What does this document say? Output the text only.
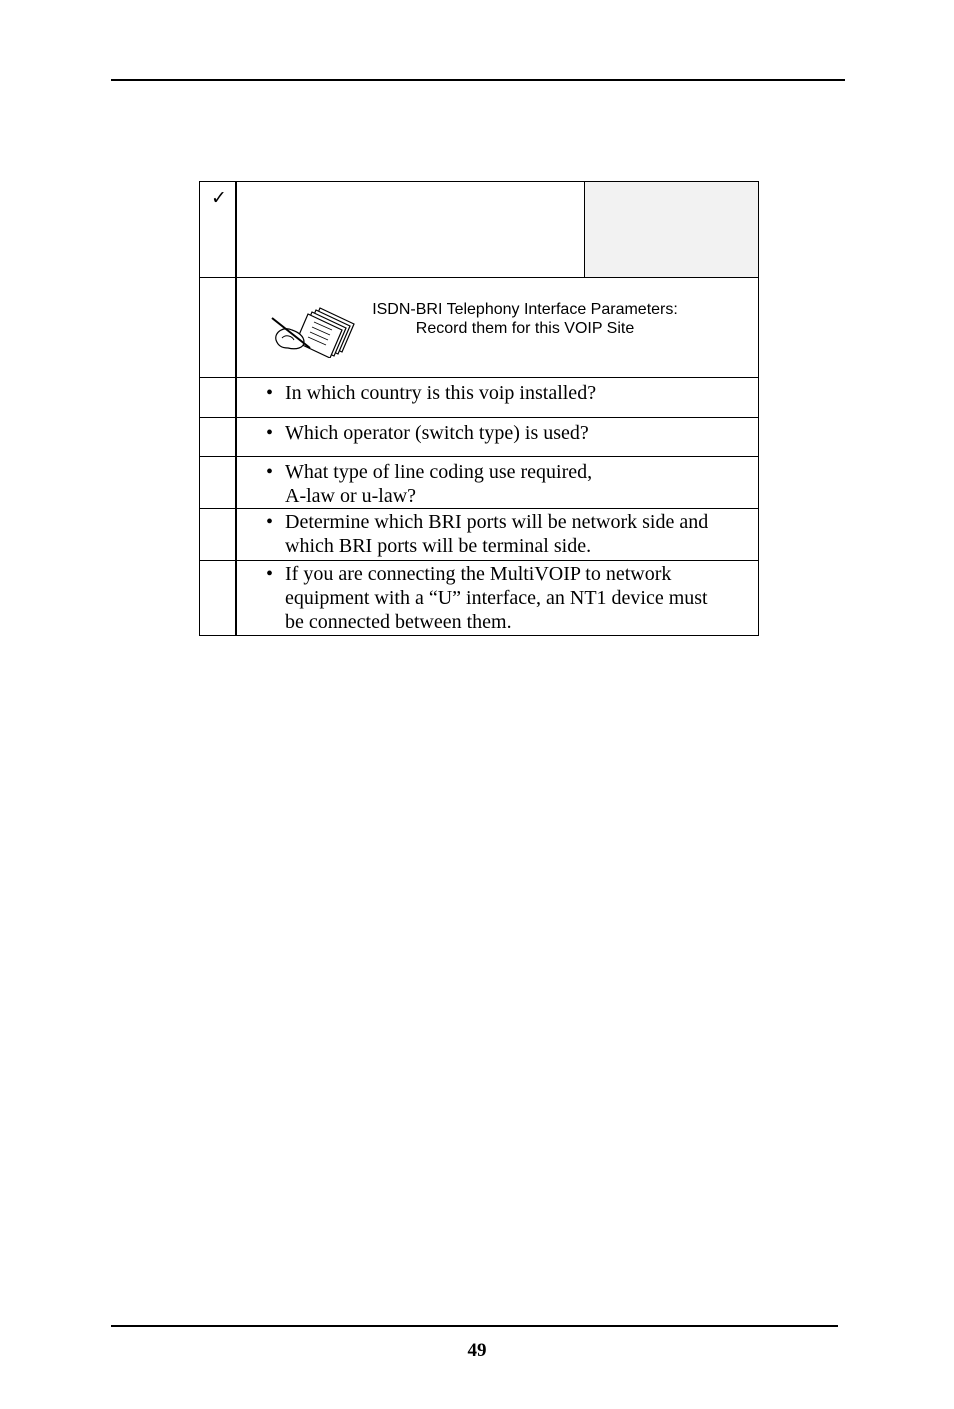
✓
ISDN-BRI Telephony Interface Parameters:
Record them for this VOIP Site
• In which country is this voip installed?
• Which operator (switch type) is used?
• What type of line coding use required,
A-law or u-law?
• Determine which BRI ports will be network side and
which BRI ports will be terminal side.
• If you are connecting the MultiVOIP to network
equipment with a “U” interface, an NT1 device must
be connected between them.
49
